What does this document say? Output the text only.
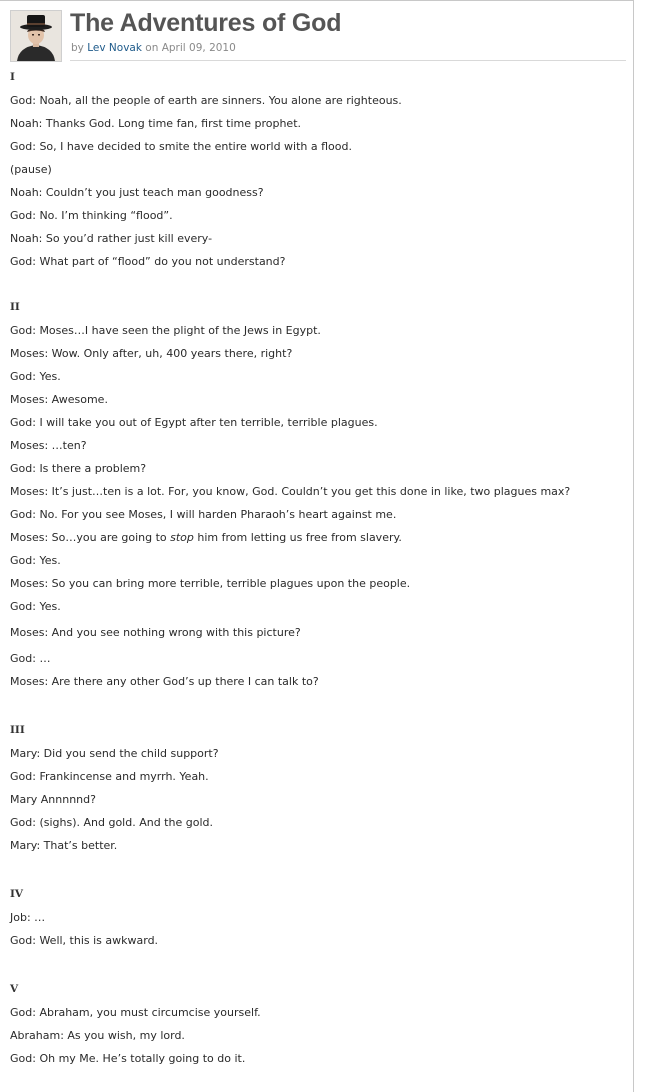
The Adventures of God
by Lev Novak on April 09, 2010
I
God: Noah, all the people of earth are sinners. You alone are righteous.
Noah: Thanks God. Long time fan, first time prophet.
God: So, I have decided to smite the entire world with a flood.
(pause)
Noah: Couldn’t you just teach man goodness?
God: No. I’m thinking “flood”.
Noah: So you’d rather just kill every-
God: What part of “flood” do you not understand?
II
God: Moses…I have seen the plight of the Jews in Egypt.
Moses: Wow. Only after, uh, 400 years there, right?
God: Yes.
Moses: Awesome.
God: I will take you out of Egypt after ten terrible, terrible plagues.
Moses: …ten?
God: Is there a problem?
Moses: It’s just…ten is a lot. For, you know, God. Couldn’t you get this done in like, two plagues max?
God: No. For you see Moses, I will harden Pharaoh’s heart against me.
Moses: So…you are going to stop him from letting us free from slavery.
God: Yes.
Moses: So you can bring more terrible, terrible plagues upon the people.
God: Yes.
Moses: And you see nothing wrong with this picture?
God: …
Moses: Are there any other God’s up there I can talk to?
III
Mary: Did you send the child support?
God: Frankincense and myrrh. Yeah.
Mary Annnnnd?
God: (sighs). And gold. And the gold.
Mary: That’s better.
IV
Job: …
God: Well, this is awkward.
V
God: Abraham, you must circumcise yourself.
Abraham: As you wish, my lord.
God: Oh my Me. He’s totally going to do it.
